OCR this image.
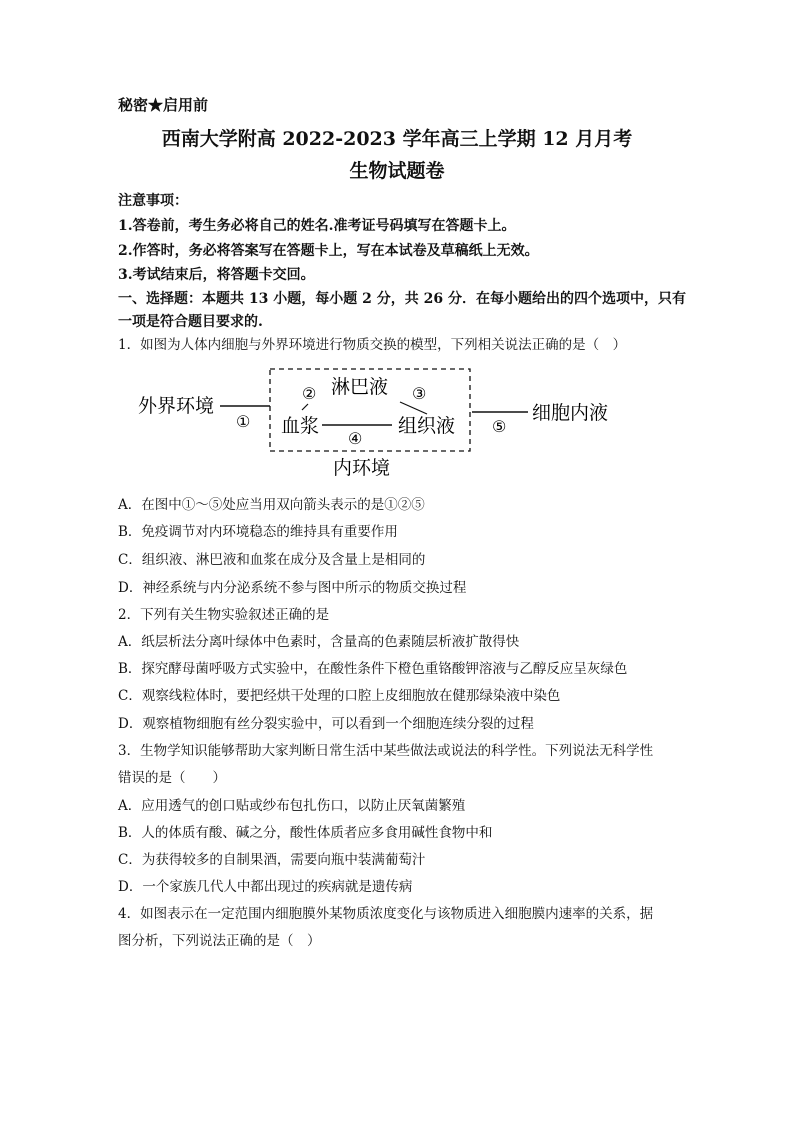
秘密★启用前
西南大学附高 2022-2023 学年高三上学期 12 月月考
生物试题卷
注意事项：
1.答卷前，考生务必将自己的姓名.准考证号码填写在答题卡上。
2.作答时，务必将答案写在答题卡上，写在本试卷及草稿纸上无效。
3.考试结束后，将答题卡交回。
一、选择题：本题共 13 小题，每小题 2 分，共 26 分．在每小题给出的四个选项中，只有
一项是符合题目要求的.
1．如图为人体内细胞与外界环境进行物质交换的模型，下列相关说法正确的是（　）
外界环境
①
② 淋巴液 ③
血浆
④
组织液 ⑤
细胞内液
内环境
A．在图中①～⑤处应当用双向箭头表示的是①②⑤
B．免疫调节对内环境稳态的维持具有重要作用
C．组织液、淋巴液和血浆在成分及含量上是相同的
D．神经系统与内分泌系统不参与图中所示的物质交换过程
2．下列有关生物实验叙述正确的是
A．纸层析法分离叶绿体中色素时，含量高的色素随层析液扩散得快
B．探究酵母菌呼吸方式实验中，在酸性条件下橙色重铬酸钾溶液与乙醇反应呈灰绿色
C．观察线粒体时，要把经烘干处理的口腔上皮细胞放在健那绿染液中染色
D．观察植物细胞有丝分裂实验中，可以看到一个细胞连续分裂的过程
3．生物学知识能够帮助大家判断日常生活中某些做法或说法的科学性。下列说法无科学性
错误的是（　　）
A．应用透气的创口贴或纱布包扎伤口，以防止厌氧菌繁殖
B．人的体质有酸、碱之分，酸性体质者应多食用碱性食物中和
C．为获得较多的自制果酒，需要向瓶中装满葡萄汁
D．一个家族几代人中都出现过的疾病就是遗传病
4．如图表示在一定范围内细胞膜外某物质浓度变化与该物质进入细胞膜内速率的关系，据
图分析，下列说法正确的是（　）
